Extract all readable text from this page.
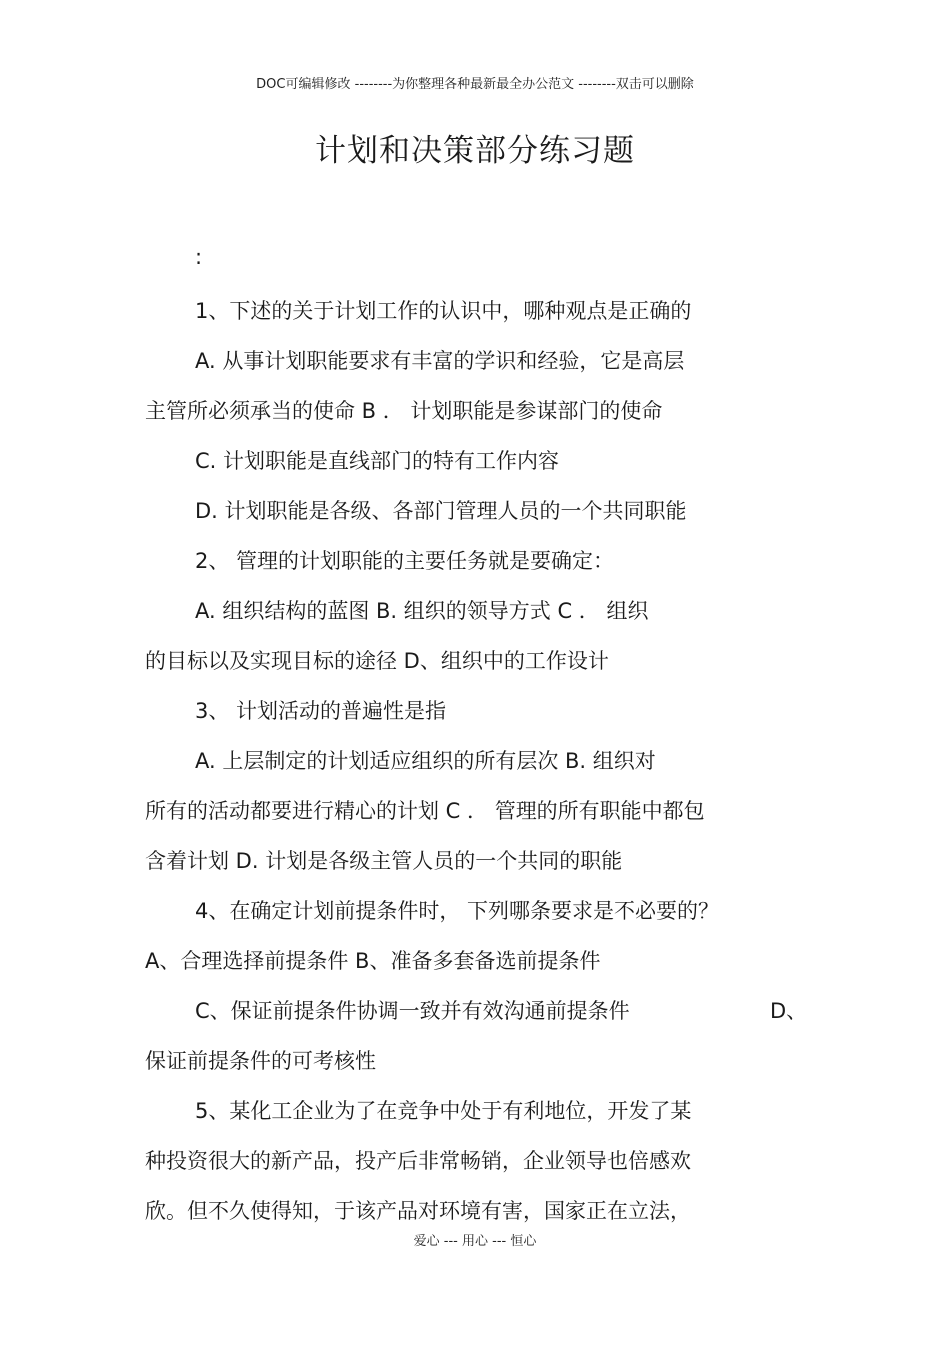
DOC可编辑修改 --------为你整理各种最新最全办公范文 --------双击可以删除
计划和决策部分练习题
:
1、下述的关于计划工作的认识中，哪种观点是正确的
A. 从事计划职能要求有丰富的学识和经验，它是高层
主管所必须承当的使命 B ． 计划职能是参谋部门的使命
C. 计划职能是直线部门的特有工作内容
D. 计划职能是各级、各部门管理人员的一个共同职能
2、 管理的计划职能的主要任务就是要确定：
A. 组织结构的蓝图 B. 组织的领导方式 C ． 组织
的目标以及实现目标的途径 D、组织中的工作设计
3、 计划活动的普遍性是指
A. 上层制定的计划适应组织的所有层次 B. 组织对
所有的活动都要进行精心的计划 C ． 管理的所有职能中都包
含着计划 D. 计划是各级主管人员的一个共同的职能
4、在确定计划前提条件时， 下列哪条要求是不必要的？
A、合理选择前提条件 B、准备多套备选前提条件
C、保证前提条件协调一致并有效沟通前提条件	D、
保证前提条件的可考核性
5、某化工企业为了在竞争中处于有利地位，开发了某
种投资很大的新产品，投产后非常畅销，企业领导也倍感欢
欣。但不久使得知，于该产品对环境有害，国家正在立法，
爱心 --- 用心 --- 恒心
